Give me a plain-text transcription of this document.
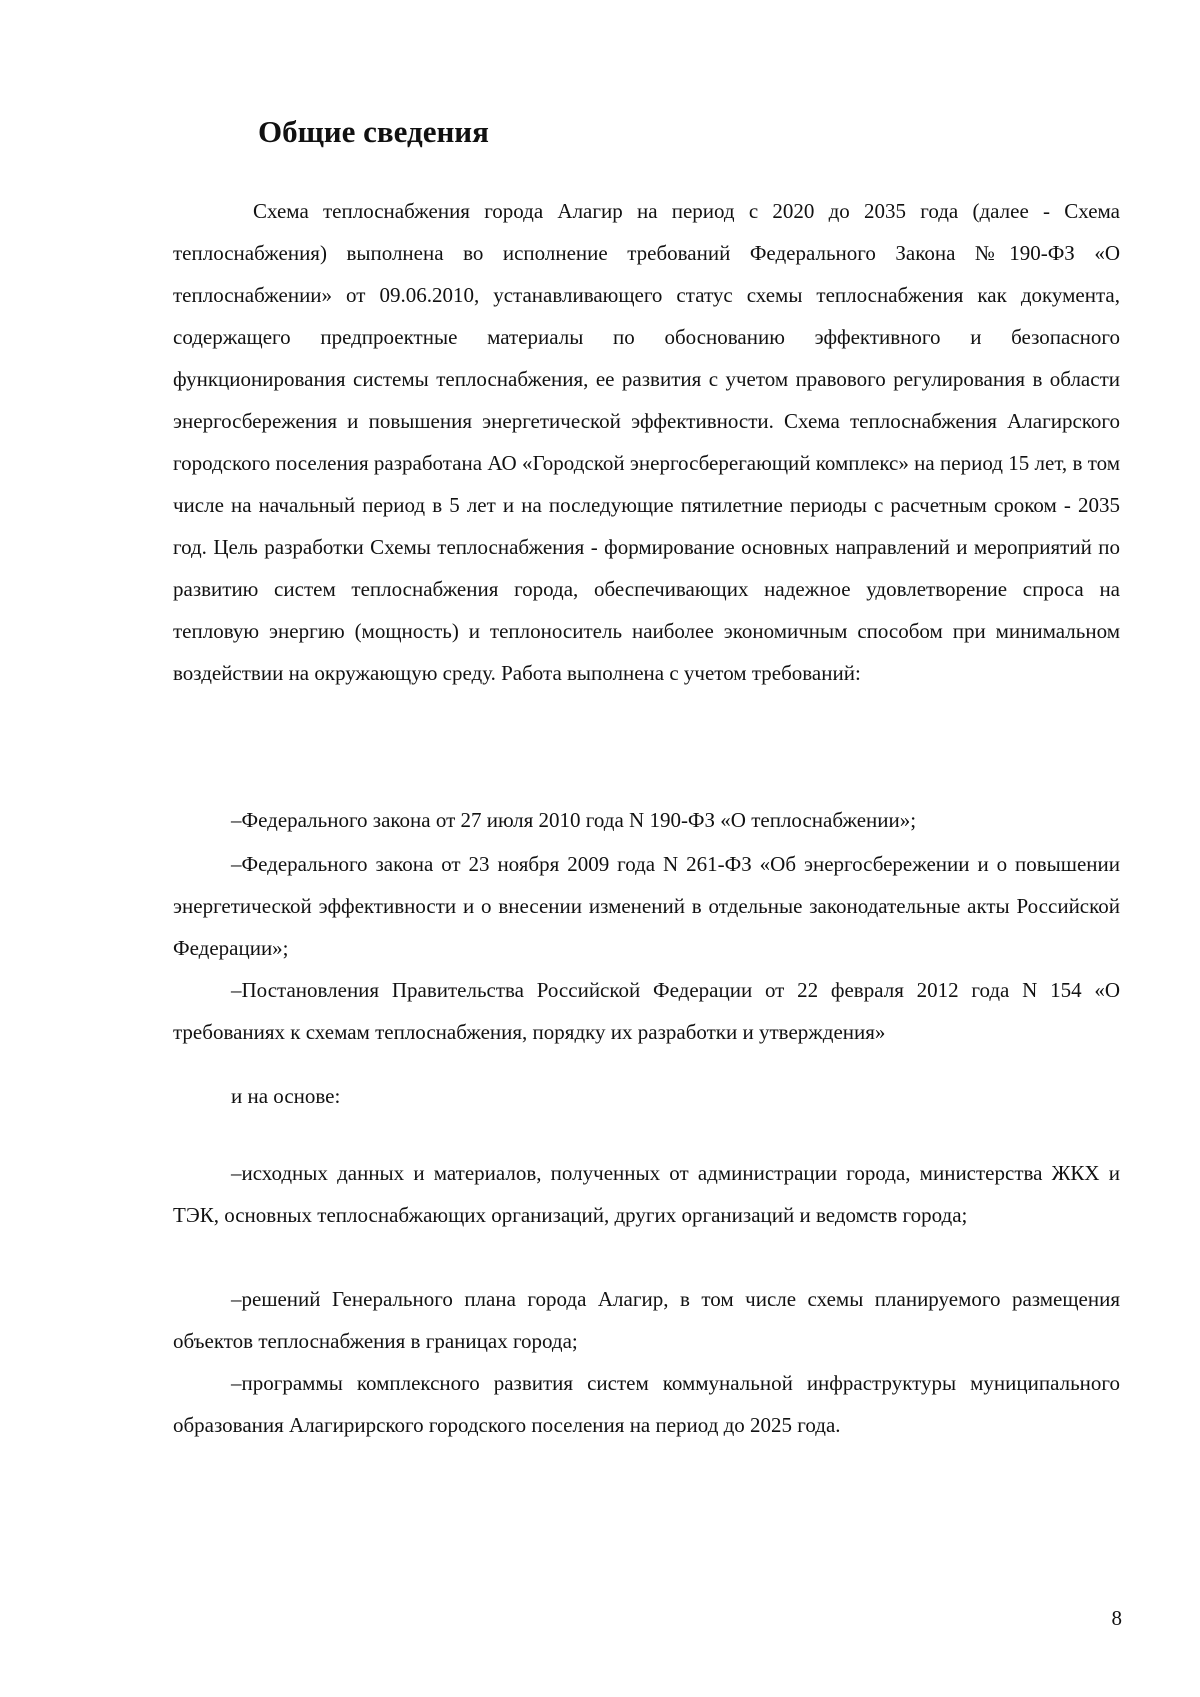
Общие сведения

Схема теплоснабжения города Алагир на период с 2020 до 2035 года (далее - Схема теплоснабжения) выполнена во исполнение требований Федерального Закона №190-ФЗ «О теплоснабжении» от 09.06.2010, устанавливающего статус схемы теплоснабжения как документа, содержащего предпроектные материалы по обоснованию эффективного и безопасного функционирования системы теплоснабжения, ее развития с учетом правового регулирования в области энергосбережения и повышения энергетической эффективности. Схема теплоснабжения Алагирского городского поселения разработана АО «Городской энергосберегающий комплекс» на период 15 лет, в том числе на начальный период в 5 лет и на последующие пятилетние периоды с расчетным сроком - 2035 год. Цель разработки Схемы теплоснабжения - формирование основных направлений и мероприятий по развитию систем теплоснабжения города, обеспечивающих надежное удовлетворение спроса на тепловую энергию (мощность) и теплоноситель наиболее экономичным способом при минимальном воздействии на окружающую среду. Работа выполнена с учетом требований:

–Федерального закона от 27 июля 2010 года N 190-ФЗ «О теплоснабжении»;

–Федерального закона от 23 ноября 2009 года N 261-ФЗ «Об энергосбережении и о повышении энергетической эффективности и о внесении изменений в отдельные законодательные акты Российской Федерации»;

–Постановления Правительства Российской Федерации от 22 февраля 2012 года N 154 «О требованиях к схемам теплоснабжения, порядку их разработки и утверждения»

и на основе:

–исходных данных и материалов, полученных от администрации города, министерства ЖКХ и ТЭК, основных теплоснабжающих организаций, других организаций и ведомств города;

–решений Генерального плана города Алагир, в том числе схемы планируемого размещения объектов теплоснабжения в границах города;

–программы комплексного развития систем коммунальной инфраструктуры муниципального образования Алагирирского городского поселения на период до 2025 года.

8
